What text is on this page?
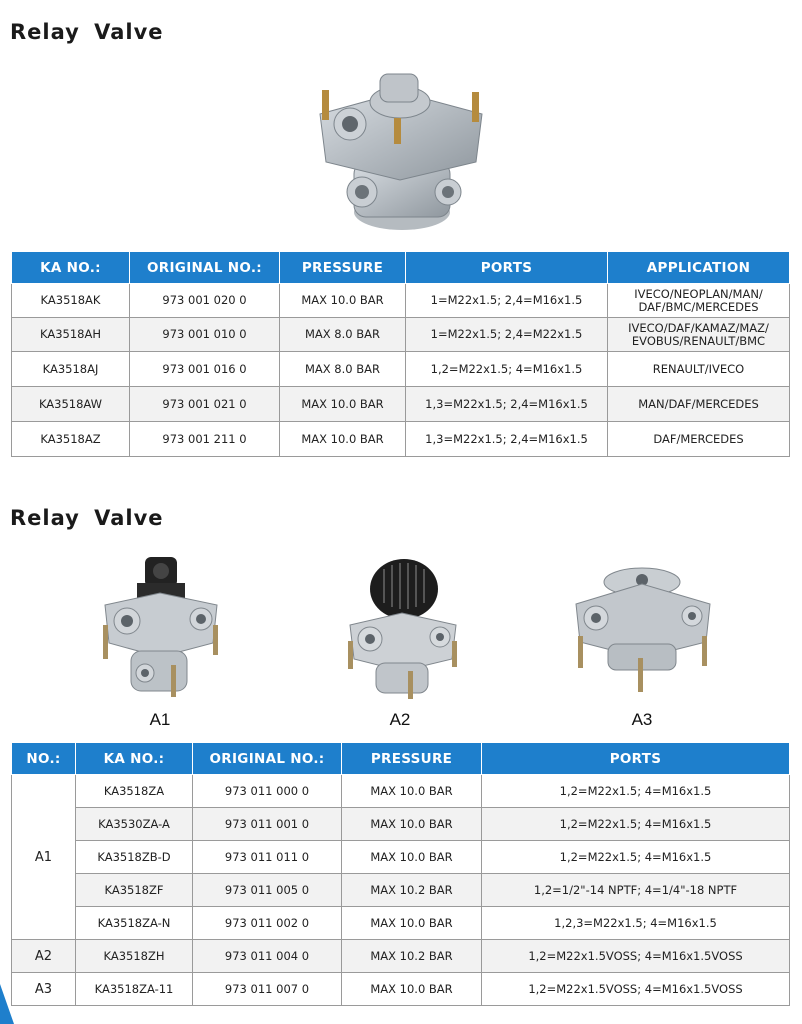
Relay Valve
KA NO.:	ORIGINAL NO.:	PRESSURE	PORTS	APPLICATION
KA3518AK	973 001 020 0	MAX 10.0 BAR	1=M22x1.5; 2,4=M16x1.5	IVECO/NEOPLAN/MAN/ DAF/BMC/MERCEDES
KA3518AH	973 001 010 0	MAX 8.0 BAR	1=M22x1.5; 2,4=M22x1.5	IVECO/DAF/KAMAZ/MAZ/ EVOBUS/RENAULT/BMC
KA3518AJ	973 001 016 0	MAX 8.0 BAR	1,2=M22x1.5; 4=M16x1.5	RENAULT/IVECO
KA3518AW	973 001 021 0	MAX 10.0 BAR	1,3=M22x1.5; 2,4=M16x1.5	MAN/DAF/MERCEDES
KA3518AZ	973 001 211 0	MAX 10.0 BAR	1,3=M22x1.5; 2,4=M16x1.5	DAF/MERCEDES
Relay Valve
A1	A2	A3
NO.:	KA NO.:	ORIGINAL NO.:	PRESSURE	PORTS
A1	KA3518ZA	973 011 000 0	MAX 10.0 BAR	1,2=M22x1.5; 4=M16x1.5
	KA3530ZA-A	973 011 001 0	MAX 10.0 BAR	1,2=M22x1.5; 4=M16x1.5
	KA3518ZB-D	973 011 011 0	MAX 10.0 BAR	1,2=M22x1.5; 4=M16x1.5
	KA3518ZF	973 011 005 0	MAX 10.2 BAR	1,2=1/2"-14 NPTF; 4=1/4"-18 NPTF
	KA3518ZA-N	973 011 002 0	MAX 10.0 BAR	1,2,3=M22x1.5; 4=M16x1.5
A2	KA3518ZH	973 011 004 0	MAX 10.2 BAR	1,2=M22x1.5VOSS; 4=M16x1.5VOSS
A3	KA3518ZA-11	973 011 007 0	MAX 10.0 BAR	1,2=M22x1.5VOSS; 4=M16x1.5VOSS
